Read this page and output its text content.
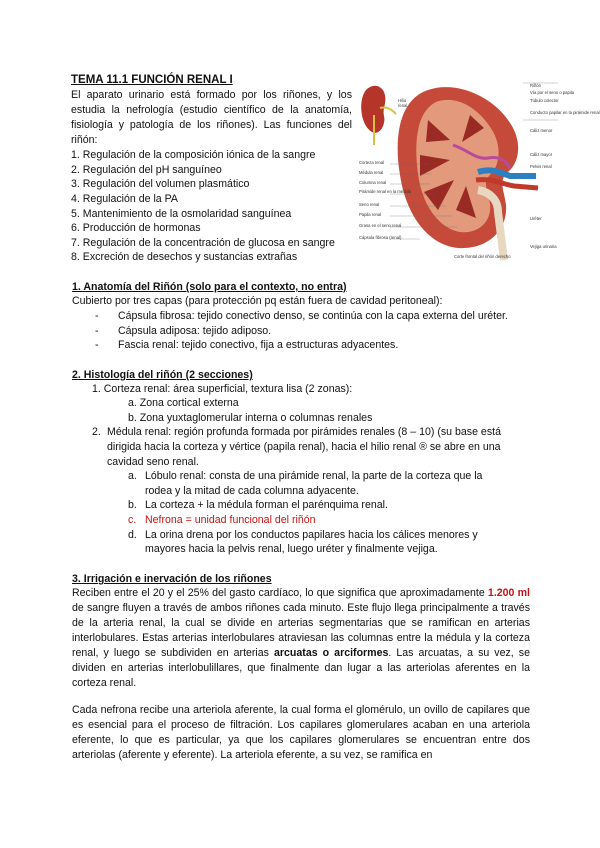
TEMA 11.1 FUNCIÓN RENAL I
El aparato urinario está formado por los riñones, y los estudia la nefrología (estudio científico de la anatomía, fisiología y patología de los riñones). Las funciones del riñón:
1. Regulación de la composición iónica de la sangre
2. Regulación del pH sanguíneo
3. Regulación del volumen plasmático
4. Regulación de la PA
5. Mantenimiento de la osmolaridad sanguínea
6. Producción de hormonas
7. Regulación de la concentración de glucosa en sangre
8. Excreción de desechos y sustancias extrañas
Hilio
renal
Corteza renal
Médula renal
Columna renal
Pirámide renal en la médula
Seno renal
Papila renal
Grasa en el seno renal
Cápsula fibrosa (renal)
Riñón
Vía por el seno o papila
Túbulo colector
Conducto papilar en la pirámide renal
Cáliz menor
Cáliz mayor
Pelvis renal
Uréter
Vejiga urinaria
Corte frontal del riñón derecho
1. Anatomía del Riñón (solo para el contexto, no entra)
Cubierto por tres capas (para protección pq están fuera de cavidad peritoneal):
- Cápsula fibrosa: tejido conectivo denso, se continúa con la capa externa del uréter.
- Cápsula adiposa: tejido adiposo.
- Fascia renal: tejido conectivo, fija a estructuras adyacentes.
2. Histología del riñón (2 secciones)
1. Corteza renal: área superficial, textura lisa (2 zonas):
a. Zona cortical externa
b. Zona yuxtaglomerular interna o columnas renales
2. Médula renal: región profunda formada por pirámides renales (8 – 10) (su base está
dirigida hacia la corteza y vértice (papila renal), hacia el hilio renal ® se abre en una
cavidad seno renal.
a. Lóbulo renal: consta de una pirámide renal, la parte de la corteza que la
rodea y la mitad de cada columna adyacente.
b. La corteza + la médula forman el parénquima renal.
c. Nefrona = unidad funcional del riñón
d. La orina drena por los conductos papilares hacia los cálices menores y
mayores hacia la pelvis renal, luego uréter y finalmente vejiga.
3. Irrigación e inervación de los riñones
Reciben entre el 20 y el 25% del gasto cardíaco, lo que significa que aproximadamente 1.200 ml de sangre fluyen a través de ambos riñones cada minuto. Este flujo llega principalmente a través de la arteria renal, la cual se divide en arterias segmentarias que se ramifican en arterias interlobulares. Estas arterias interlobulares atraviesan las columnas entre la médula y la corteza renal, y luego se subdividen en arterias arcuatas o arciformes. Las arcuatas, a su vez, se dividen en arterias interlobulillares, que finalmente dan lugar a las arteriolas aferentes en la corteza renal.
Cada nefrona recibe una arteriola aferente, la cual forma el glomérulo, un ovillo de capilares que es esencial para el proceso de filtración. Los capilares glomerulares acaban en una arteriola eferente, lo que es particular, ya que los capilares glomerulares se encuentran entre dos arteriolas (aferente y eferente). La arteriola eferente, a su vez, se ramifica en
